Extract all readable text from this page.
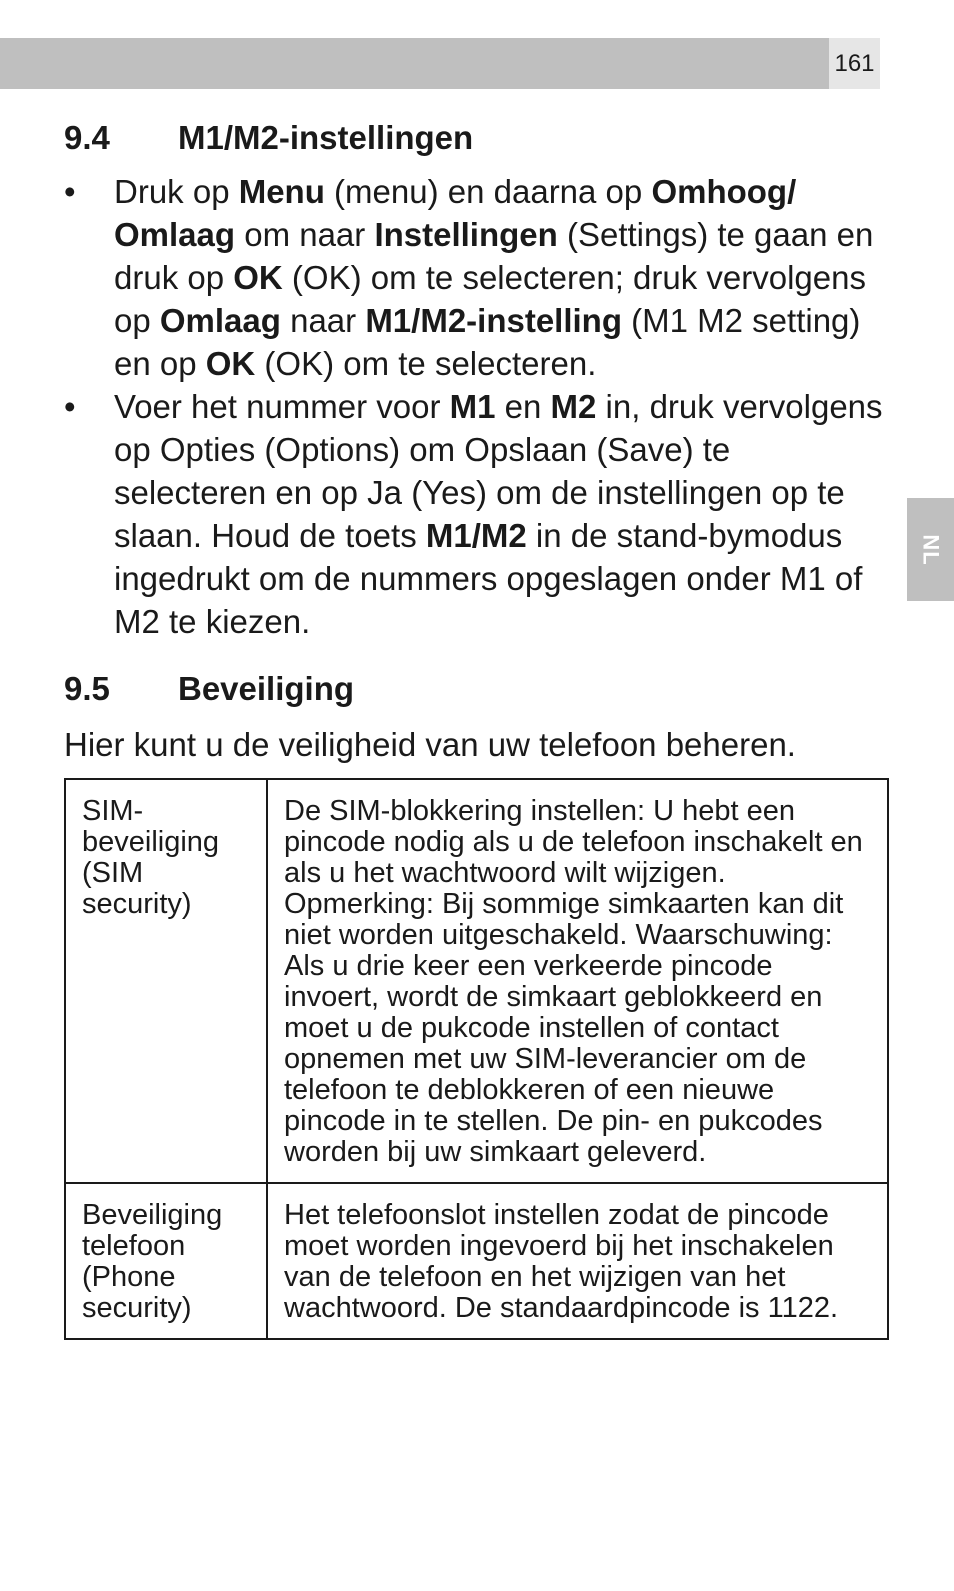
161
NL
9.4	M1/M2-instellingen
• Druk op Menu (menu) en daarna op Omhoog/ Omlaag om naar Instellingen (Settings) te gaan en druk op OK (OK) om te selecteren; druk vervolgens op Omlaag naar M1/M2-instelling (M1 M2 setting) en op OK (OK) om te selecteren.
• Voer het nummer voor M1 en M2 in, druk vervolgens op Opties (Options) om Opslaan (Save) te selecteren en op Ja (Yes) om de instellingen op te slaan. Houd de toets M1/M2 in de stand-bymodus ingedrukt om de nummers opgeslagen onder M1 of M2 te kiezen.
9.5	Beveiliging

Hier kunt u de veiligheid van uw telefoon beheren.

SIM-beveiliging (SIM security)	De SIM-blokkering instellen: U hebt een pincode nodig als u de telefoon inschakelt en als u het wachtwoord wilt wijzigen. Opmerking: Bij sommige simkaarten kan dit niet worden uitgeschakeld. Waarschuwing: Als u drie keer een verkeerde pincode invoert, wordt de simkaart geblokkeerd en moet u de pukcode instellen of contact opnemen met uw SIM-leverancier om de telefoon te deblokkeren of een nieuwe pincode in te stellen. De pin- en pukcodes worden bij uw simkaart geleverd.
Beveiliging telefoon (Phone security)	Het telefoonslot instellen zodat de pincode moet worden ingevoerd bij het inschakelen van de telefoon en het wijzigen van het wachtwoord. De standaardpincode is 1122.
